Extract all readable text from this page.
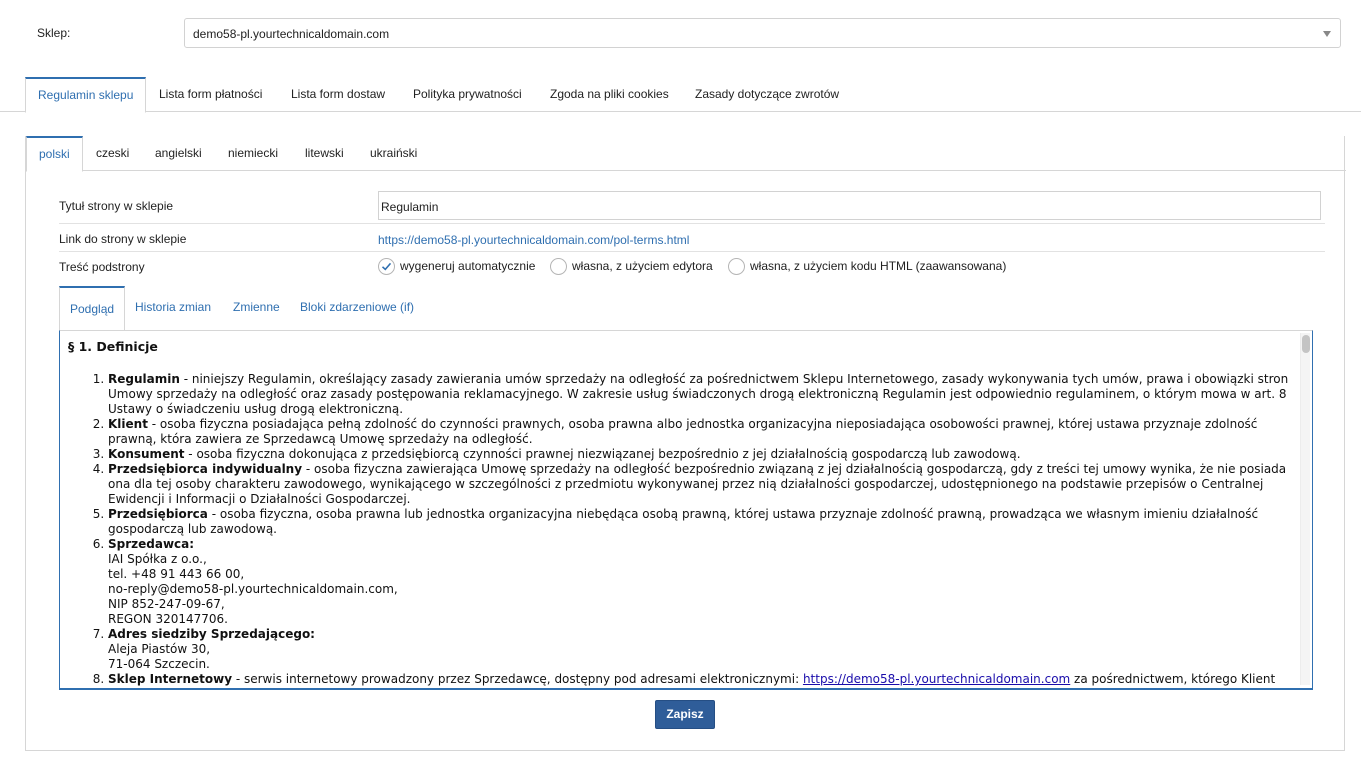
Sklep:	demo58-pl.yourtechnicaldomain.com
Regulamin sklepu	Lista form płatności	Lista form dostaw	Polityka prywatności	Zgoda na pliki cookies	Zasady dotyczące zwrotów
polski	czeski	angielski	niemiecki	litewski	ukraiński
Tytuł strony w sklepie	Regulamin
Link do strony w sklepie	https://demo58-pl.yourtechnicaldomain.com/pol-terms.html
Treść podstrony	wygeneruj automatycznie	własna, z użyciem edytora	własna, z użyciem kodu HTML (zaawansowana)
Podgląd	Historia zmian	Zmienne	Bloki zdarzeniowe (if)
§ 1. Definicje
1. Regulamin - niniejszy Regulamin, określający zasady zawierania umów sprzedaży na odległość za pośrednictwem Sklepu Internetowego, zasady wykonywania tych umów, prawa i obowiązki stron Umowy sprzedaży na odległość oraz zasady postępowania reklamacyjnego. W zakresie usług świadczonych drogą elektroniczną Regulamin jest odpowiednio regulaminem, o którym mowa w art. 8 Ustawy o świadczeniu usług drogą elektroniczną.
2. Klient - osoba fizyczna posiadająca pełną zdolność do czynności prawnych, osoba prawna albo jednostka organizacyjna nieposiadająca osobowości prawnej, której ustawa przyznaje zdolność prawną, która zawiera ze Sprzedawcą Umowę sprzedaży na odległość.
3. Konsument - osoba fizyczna dokonująca z przedsiębiorcą czynności prawnej niezwiązanej bezpośrednio z jej działalnością gospodarczą lub zawodową.
4. Przedsiębiorca indywidualny - osoba fizyczna zawierająca Umowę sprzedaży na odległość bezpośrednio związaną z jej działalnością gospodarczą, gdy z treści tej umowy wynika, że nie posiada ona dla tej osoby charakteru zawodowego, wynikającego w szczególności z przedmiotu wykonywanej przez nią działalności gospodarczej, udostępnionego na podstawie przepisów o Centralnej Ewidencji i Informacji o Działalności Gospodarczej.
5. Przedsiębiorca - osoba fizyczna, osoba prawna lub jednostka organizacyjna niebędąca osobą prawną, której ustawa przyznaje zdolność prawną, prowadząca we własnym imieniu działalność gospodarczą lub zawodową.
6. Sprzedawca:
IAI Spółka z o.o.,
tel. +48 91 443 66 00,
no-reply@demo58-pl.yourtechnicaldomain.com,
NIP 852-247-09-67,
REGON 320147706.
7. Adres siedziby Sprzedającego:
Aleja Piastów 30,
71-064 Szczecin.
8. Sklep Internetowy - serwis internetowy prowadzony przez Sprzedawcę, dostępny pod adresami elektronicznymi: https://demo58-pl.yourtechnicaldomain.com za pośrednictwem, którego Klient
Zapisz
